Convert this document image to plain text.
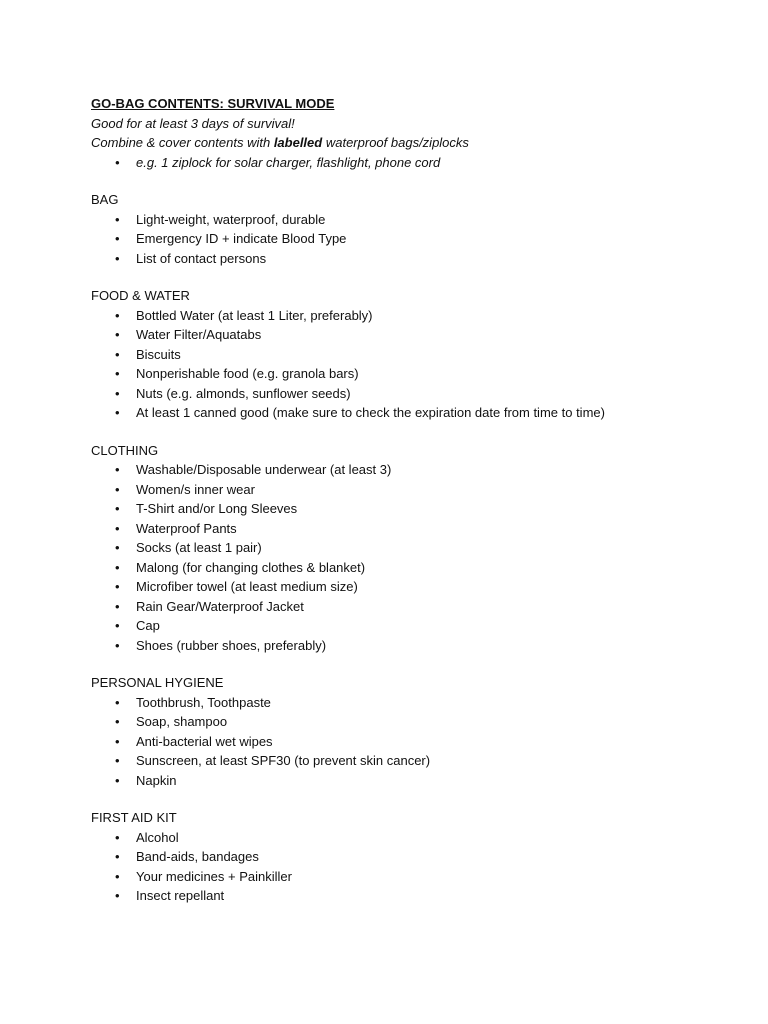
GO-BAG CONTENTS: SURVIVAL MODE
Good for at least 3 days of survival!
Combine & cover contents with labelled waterproof bags/ziplocks
• e.g. 1 ziplock for solar charger, flashlight, phone cord
BAG
• Light-weight, waterproof, durable
• Emergency ID + indicate Blood Type
• List of contact persons
FOOD & WATER
• Bottled Water (at least 1 Liter, preferably)
• Water Filter/Aquatabs
• Biscuits
• Nonperishable food (e.g. granola bars)
• Nuts (e.g. almonds, sunflower seeds)
• At least 1 canned good (make sure to check the expiration date from time to time)
CLOTHING
• Washable/Disposable underwear (at least 3)
• Women/s inner wear
• T-Shirt and/or Long Sleeves
• Waterproof Pants
• Socks (at least 1 pair)
• Malong (for changing clothes & blanket)
• Microfiber towel (at least medium size)
• Rain Gear/Waterproof Jacket
• Cap
• Shoes (rubber shoes, preferably)
PERSONAL HYGIENE
• Toothbrush, Toothpaste
• Soap, shampoo
• Anti-bacterial wet wipes
• Sunscreen, at least SPF30 (to prevent skin cancer)
• Napkin
FIRST AID KIT
• Alcohol
• Band-aids, bandages
• Your medicines + Painkiller
• Insect repellant
